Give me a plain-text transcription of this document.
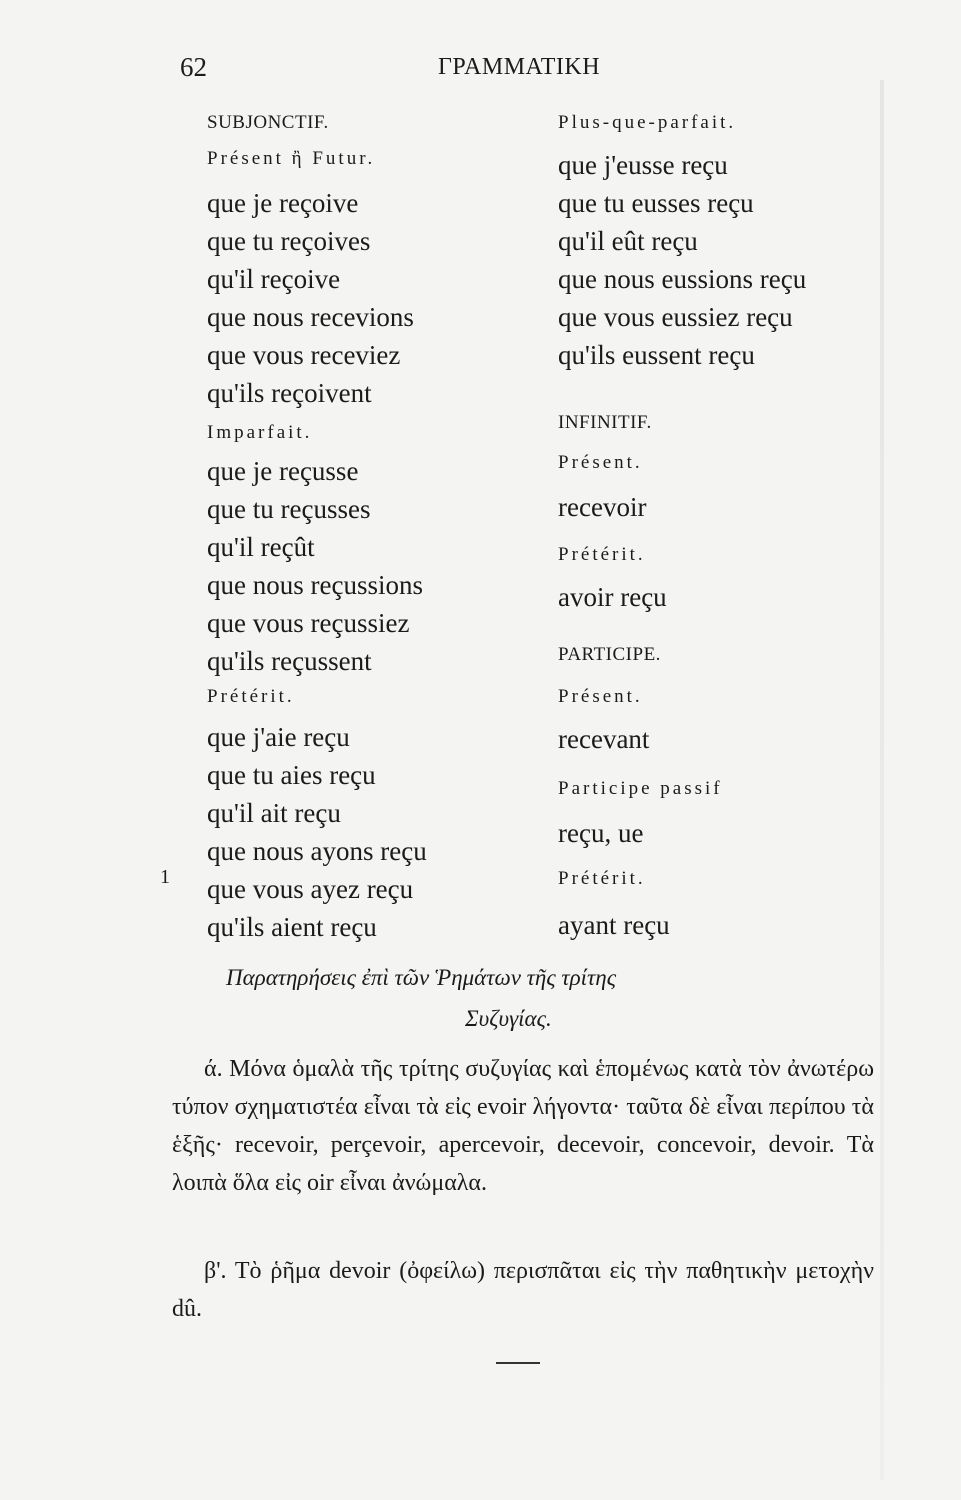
62	ΓΡΑΜΜΑΤΙΚΗ
SUBJONCTIF.
Présent ἢ Futur.
que je reçoive
que tu reçoives
qu'il reçoive
que nous recevions
que vous receviez
qu'ils reçoivent
Imparfait.
que je reçusse
que tu reçusses
qu'il reçût
que nous reçussions
que vous reçussiez
qu'ils reçussent
Prétérit.
que j'aie reçu
que tu aies reçu
qu'il ait reçu
que nous ayons reçu
que vous ayez reçu
qu'ils aient reçu
Plus-que-parfait.
que j'eusse reçu
que tu eusses reçu
qu'il eût reçu
que nous eussions reçu
que vous eussiez reçu
qu'ils eussent reçu
INFINITIF.
Présent.
recevoir
Prétérit.
avoir reçu
PARTICIPE.
Présent.
recevant
Participe passif
reçu, ue
Prétérit.
ayant reçu
1
Παρατηρήσεις ἐπὶ τῶν Ῥημάτων τῆς τρίτης
Συζυγίας.
ά. Μόνα ὁμαλὰ τῆς τρίτης συζυγίας καὶ ἑπομένως κατὰ τὸν ἀνωτέρω τύπον σχηματιστέα εἶναι τὰ εἰς evoir λήγοντα· ταῦτα δὲ εἶναι περίπου τὰ ἑξῆς· recevoir, perçevoir, apercevoir, decevoir, concevoir, devoir. Τὰ λοιπὰ ὅλα εἰς oir εἶναι ἀνώμαλα.
β'. Τὸ ῥῆμα devoir (ὀφείλω) περισπᾶται εἰς τὴν παθητικὴν μετοχὴν dû.
